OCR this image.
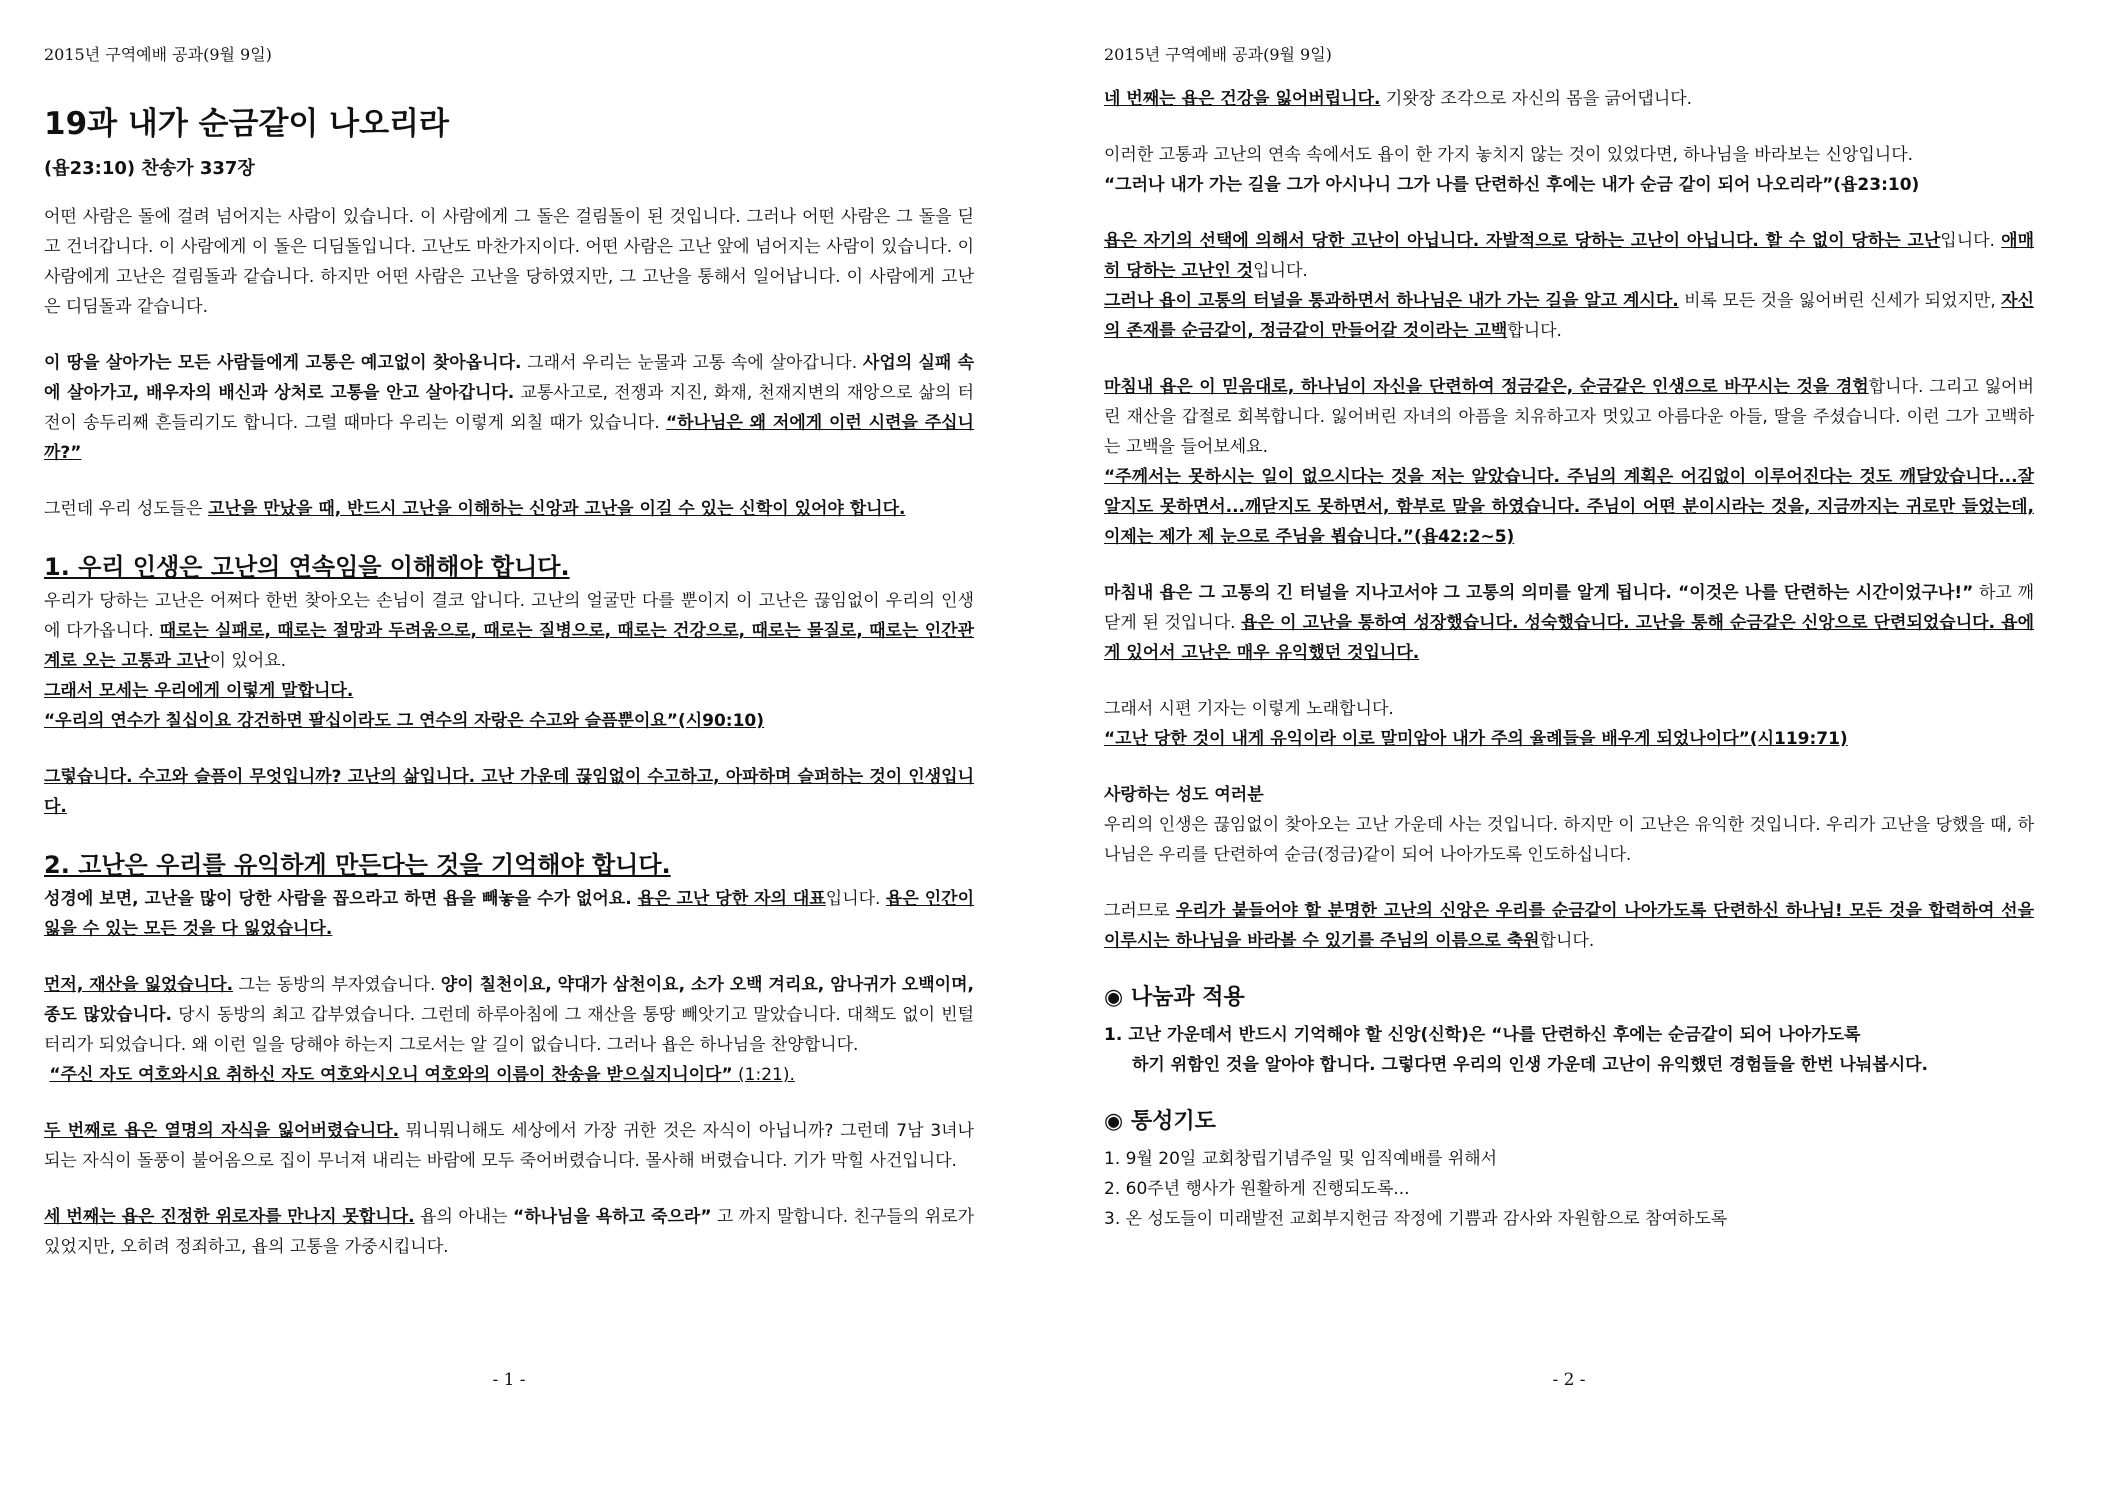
2015년 구역예배 공과(9월 9일)
19과 내가 순금같이 나오리라
(욥23:10) 찬송가 337장
어떤 사람은 돌에 걸려 넘어지는 사람이 있습니다. 이 사람에게 그 돌은 걸림돌이 된 것입니다. 그러나 어떤 사람은 그 돌을 딛고 건너갑니다. 이 사람에게 이 돌은 디딤돌입니다. 고난도 마찬가지이다. 어떤 사람은 고난 앞에 넘어지는 사람이 있습니다. 이 사람에게 고난은 걸림돌과 같습니다. 하지만 어떤 사람은 고난을 당하였지만, 그 고난을 통해서 일어납니다. 이 사람에게 고난은 디딤돌과 같습니다.
이 땅을 살아가는 모든 사람들에게 고통은 예고없이 찾아옵니다. 그래서 우리는 눈물과 고통 속에 살아갑니다. 사업의 실패 속에 살아가고, 배우자의 배신과 상처로 고통을 안고 살아갑니다. 교통사고로, 전쟁과 지진, 화재, 천재지변의 재앙으로 삶의 터전이 송두리째 흔들리기도 합니다. 그럴 때마다 우리는 이렇게 외칠 때가 있습니다. “하나님은 왜 저에게 이런 시련을 주십니까?”
그런데 우리 성도들은 고난을 만났을 때, 반드시 고난을 이해하는 신앙과 고난을 이길 수 있는 신학이 있어야 합니다.
1. 우리 인생은 고난의 연속임을 이해해야 합니다.
우리가 당하는 고난은 어쩌다 한번 찾아오는 손님이 결코 압니다. 고난의 얼굴만 다를 뿐이지 이 고난은 끊임없이 우리의 인생에 다가옵니다. 때로는 실패로, 때로는 절망과 두려움으로, 때로는 질병으로, 때로는 건강으로, 때로는 물질로, 때로는 인간관계로 오는 고통과 고난이 있어요.
그래서 모세는 우리에게 이렇게 말합니다.
“우리의 연수가 칠십이요 강건하면 팔십이라도 그 연수의 자랑은 수고와 슬픔뿐이요”(시90:10)
그렇습니다. 수고와 슬픔이 무엇입니까? 고난의 삶입니다. 고난 가운데 끊임없이 수고하고, 아파하며 슬퍼하는 것이 인생입니다.
2. 고난은 우리를 유익하게 만든다는 것을 기억해야 합니다.
성경에 보면, 고난을 많이 당한 사람을 꼽으라고 하면 욥을 빼놓을 수가 없어요. 욥은 고난 당한 자의 대표입니다. 욥은 인간이 잃을 수 있는 모든 것을 다 잃었습니다.
먼저, 재산을 잃었습니다. 그는 동방의 부자였습니다. 양이 칠천이요, 약대가 삼천이요, 소가 오백 겨리요, 암나귀가 오백이며, 종도 많았습니다. 당시 동방의 최고 갑부였습니다. 그런데 하루아침에 그 재산을 통땅 빼앗기고 말았습니다. 대책도 없이 빈털터리가 되었습니다. 왜 이런 일을 당해야 하는지 그로서는 알 길이 없습니다. 그러나 욥은 하나님을 찬양합니다.
“주신 자도 여호와시요 취하신 자도 여호와시오니 여호와의 이름이 찬송을 받으실지니이다” (1:21).
두 번째로 욥은 열명의 자식을 잃어버렸습니다. 뭐니뭐니해도 세상에서 가장 귀한 것은 자식이 아닙니까? 그런데 7남 3녀나 되는 자식이 돌풍이 불어옴으로 집이 무너져 내리는 바람에 모두 죽어버렸습니다. 몰사해 버렸습니다. 기가 막힐 사건입니다.
세 번째는 욥은 진정한 위로자를 만나지 못합니다. 욥의 아내는 “하나님을 욕하고 죽으라” 고 까지 말합니다. 친구들의 위로가 있었지만, 오히려 정죄하고, 욥의 고통을 가중시킵니다.
- 1 -
2015년 구역예배 공과(9월 9일)
네 번째는 욥은 건강을 잃어버립니다. 기왓장 조각으로 자신의 몸을 긁어댑니다.
이러한 고통과 고난의 연속 속에서도 욥이 한 가지 놓치지 않는 것이 있었다면, 하나님을 바라보는 신앙입니다.
“그러나 내가 가는 길을 그가 아시나니 그가 나를 단련하신 후에는 내가 순금 같이 되어 나오리라”(욥23:10)
욥은 자기의 선택에 의해서 당한 고난이 아닙니다. 자발적으로 당하는 고난이 아닙니다. 할 수 없이 당하는 고난입니다. 애매히 당하는 고난인 것입니다.
그러나 욥이 고통의 터널을 통과하면서 하나님은 내가 가는 길을 알고 계시다. 비록 모든 것을 잃어버린 신세가 되었지만, 자신의 존재를 순금같이, 정금같이 만들어갈 것이라는 고백합니다.
마침내 욥은 이 믿음대로, 하나님이 자신을 단련하여 정금같은, 순금같은 인생으로 바꾸시는 것을 경험합니다. 그리고 잃어버린 재산을 갑절로 회복합니다. 잃어버린 자녀의 아픔을 치유하고자 멋있고 아름다운 아들, 딸을 주셨습니다. 이런 그가 고백하는 고백을 들어보세요.
“주께서는 못하시는 일이 없으시다는 것을 저는 알았습니다. 주님의 계획은 어김없이 이루어진다는 것도 깨달았습니다...잘 알지도 못하면서...깨닫지도 못하면서, 함부로 말을 하였습니다. 주님이 어떤 분이시라는 것을, 지금까지는 귀로만 들었는데, 이제는 제가 제 눈으로 주님을 뵙습니다.”(욥42:2~5)
마침내 욥은 그 고통의 긴 터널을 지나고서야 그 고통의 의미를 알게 됩니다. “이것은 나를 단련하는 시간이었구나!” 하고 깨닫게 된 것입니다. 욥은 이 고난을 통하여 성장했습니다. 성숙했습니다. 고난을 통해 순금같은 신앙으로 단련되었습니다. 욥에게 있어서 고난은 매우 유익했던 것입니다.
그래서 시편 기자는 이렇게 노래합니다.
“고난 당한 것이 내게 유익이라 이로 말미암아 내가 주의 율례들을 배우게 되었나이다”(시119:71)
사랑하는 성도 여러분
우리의 인생은 끊임없이 찾아오는 고난 가운데 사는 것입니다. 하지만 이 고난은 유익한 것입니다. 우리가 고난을 당했을 때, 하나님은 우리를 단련하여 순금(정금)같이 되어 나아가도록 인도하십니다.
그러므로 우리가 붙들어야 할 분명한 고난의 신앙은 우리를 순금같이 나아가도록 단련하신 하나님! 모든 것을 합력하여 선을 이루시는 하나님을 바라볼 수 있기를 주님의 이름으로 축원합니다.
◉ 나눔과 적용
1. 고난 가운데서 반드시 기억해야 할 신앙(신학)은 “나를 단련하신 후에는 순금같이 되어 나아가도록
하기 위함인 것을 알아야 합니다. 그렇다면 우리의 인생 가운데 고난이 유익했던 경험들을 한번 나눠봅시다.
◉ 통성기도
1. 9월 20일 교회창립기념주일 및 임직예배를 위해서
2. 60주년 행사가 원활하게 진행되도록...
3. 온 성도들이 미래발전 교회부지헌금 작정에 기쁨과 감사와 자원함으로 참여하도록
- 2 -
